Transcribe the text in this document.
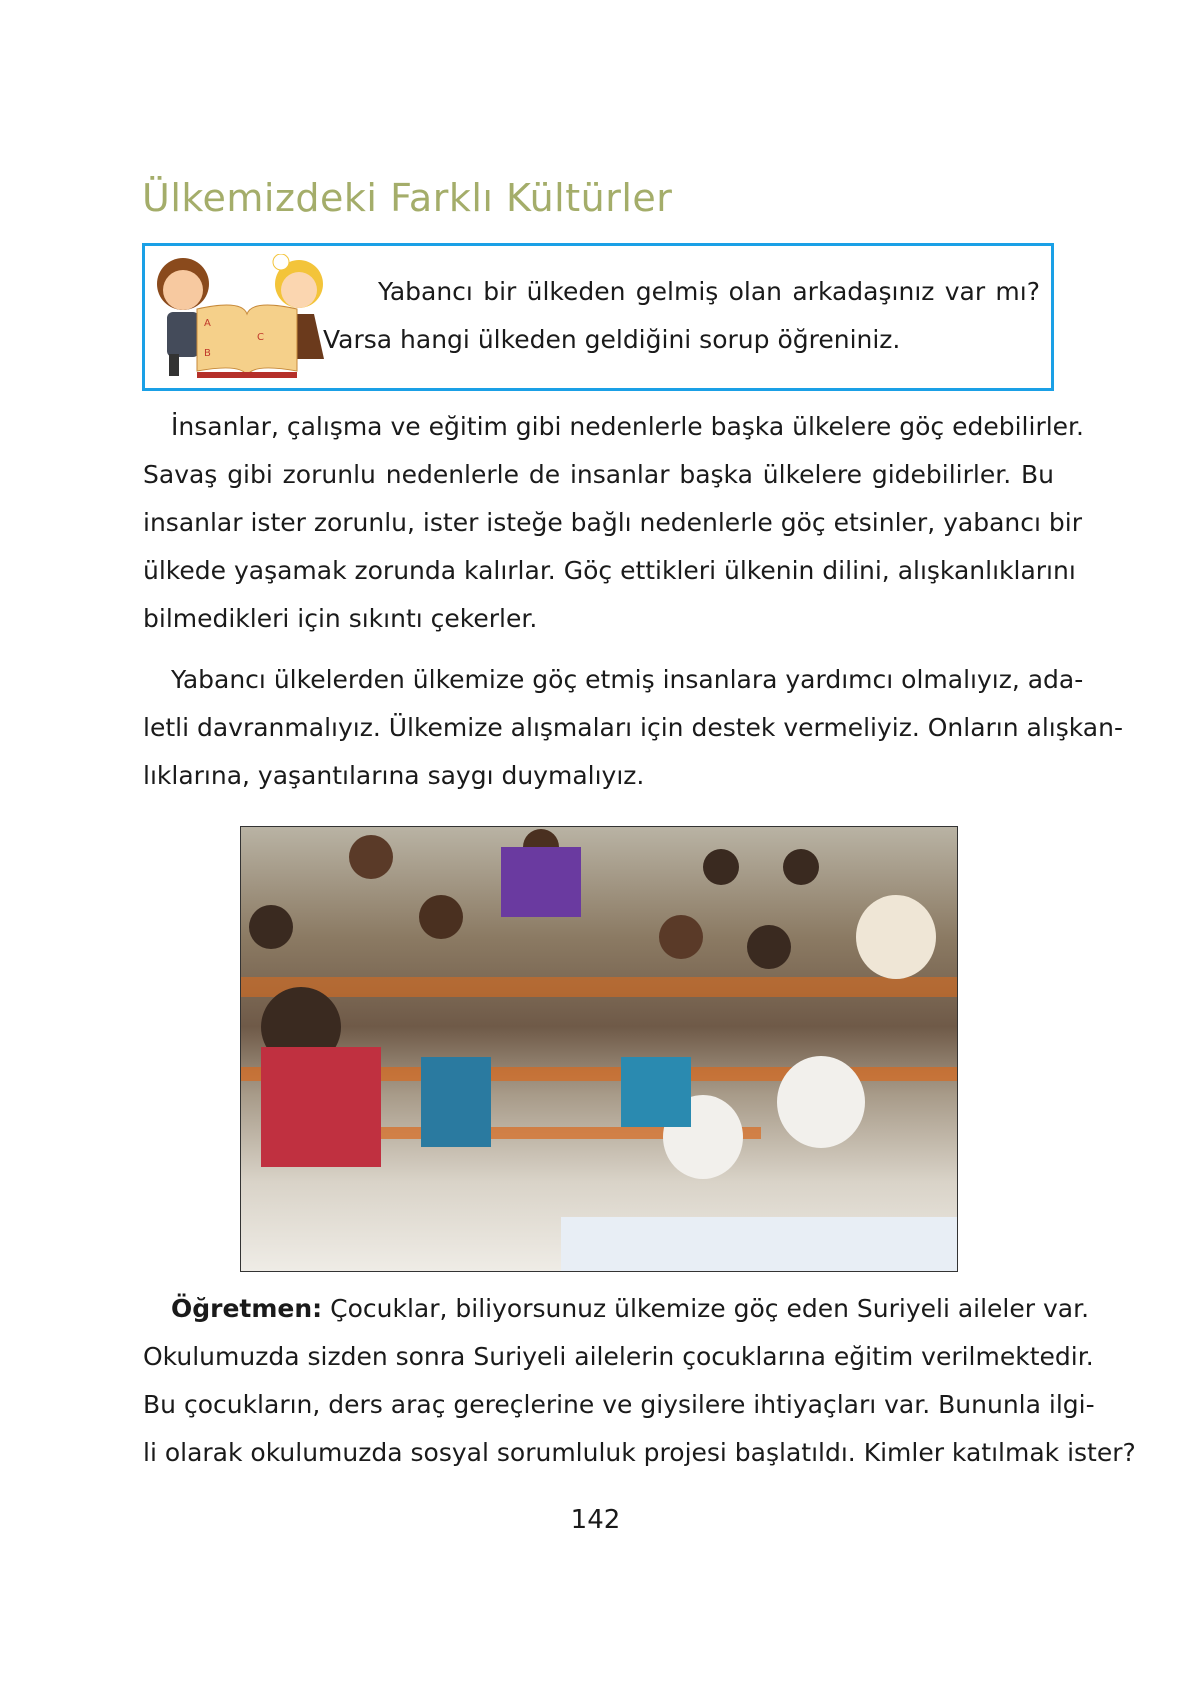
Ülkemizdeki Farklı Kültürler
A
B
C
Yabancı bir ülkeden gelmiş olan arkadaşınız var mı?
Varsa hangi ülkeden geldiğini sorup öğreniniz.
İnsanlar, çalışma ve eğitim gibi nedenlerle başka ülkelere göç edebilirler.
Savaş gibi zorunlu nedenlerle de insanlar başka ülkelere gidebilirler. Bu
insanlar ister zorunlu, ister isteğe bağlı nedenlerle göç etsinler, yabancı bir
ülkede yaşamak zorunda kalırlar. Göç ettikleri ülkenin dilini, alışkanlıklarını
bilmedikleri için sıkıntı çekerler.
Yabancı ülkelerden ülkemize göç etmiş insanlara yardımcı olmalıyız, ada-
letli davranmalıyız. Ülkemize alışmaları için destek vermeliyiz. Onların alışkan-
lıklarına, yaşantılarına saygı duymalıyız.
Öğretmen: Çocuklar, biliyorsunuz ülkemize göç eden Suriyeli aileler var.
Okulumuzda sizden sonra Suriyeli ailelerin çocuklarına eğitim verilmektedir.
Bu çocukların, ders araç gereçlerine ve giysilere ihtiyaçları var. Bununla ilgi-
li olarak okulumuzda sosyal sorumluluk projesi başlatıldı. Kimler katılmak ister?
142
